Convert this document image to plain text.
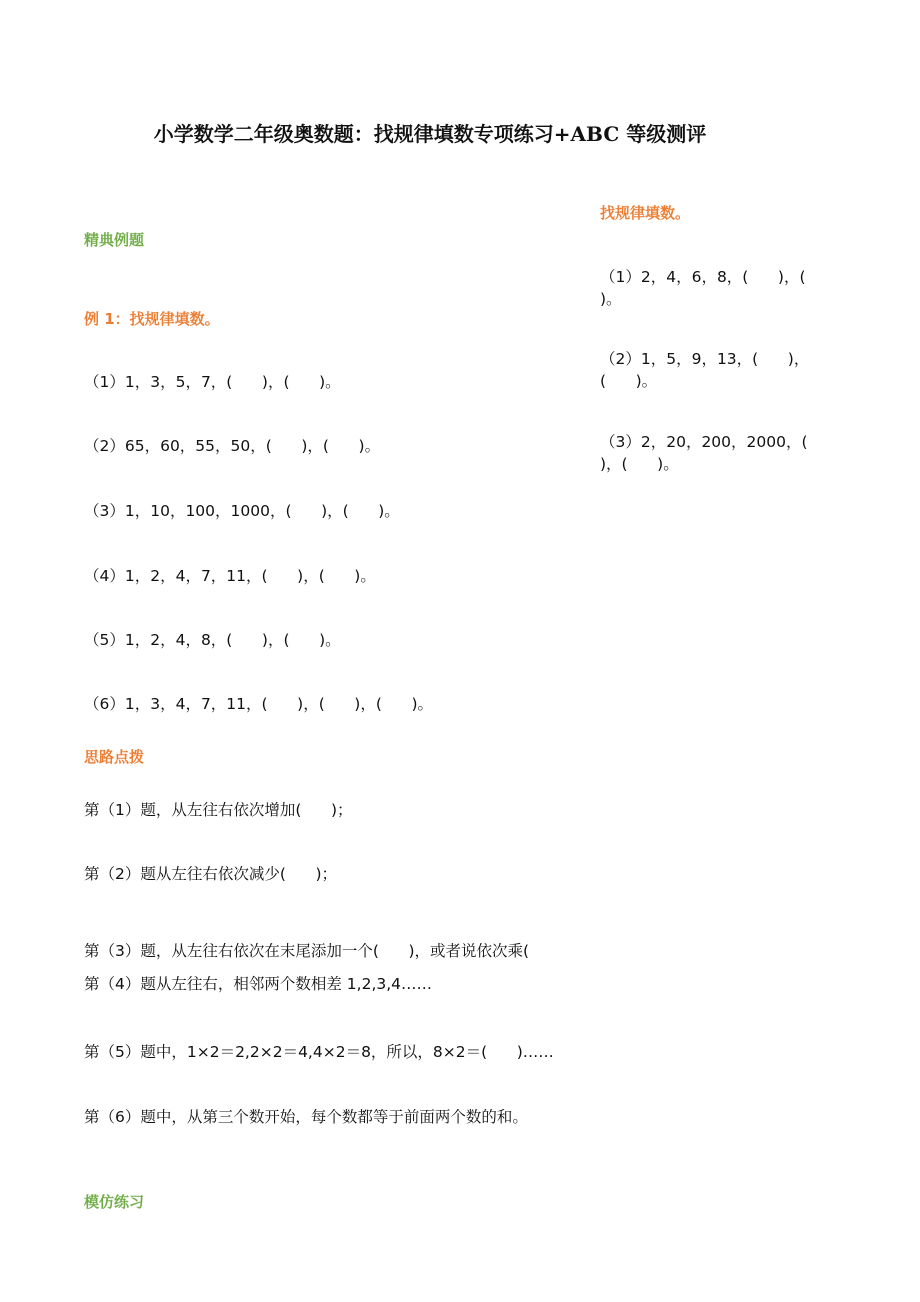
小学数学二年级奥数题：找规律填数专项练习+ABC 等级测评
找规律填数。
精典例题
例 1：找规律填数。
（1）1，3，5，7，(      )，(      )。
（2）65，60，55，50，(      )，(      )。
（3）1，10，100，1000，(      )，(      )。
（4）1，2，4，7，11，(      )，(      )。
（5）1，2，4，8，(      )，(      )。
（6）1，3，4，7，11，(      )，(      )，(      )。
（1）2，4，6，8，(      )，(
)。
（2）1，5，9，13，(      )，
(      )。
（3）2，20，200，2000，(
)，(      )。
思路点拨
第（1）题，从左往右依次增加(      )；
第（2）题从左往右依次减少(      )；
第（3）题，从左往右依次在末尾添加一个(      )，或者说依次乘(
第（4）题从左往右，相邻两个数相差 1,2,3,4……
第（5）题中，1×2＝2,2×2＝4,4×2＝8，所以，8×2＝(      )……
第（6）题中，从第三个数开始，每个数都等于前面两个数的和。
模仿练习
